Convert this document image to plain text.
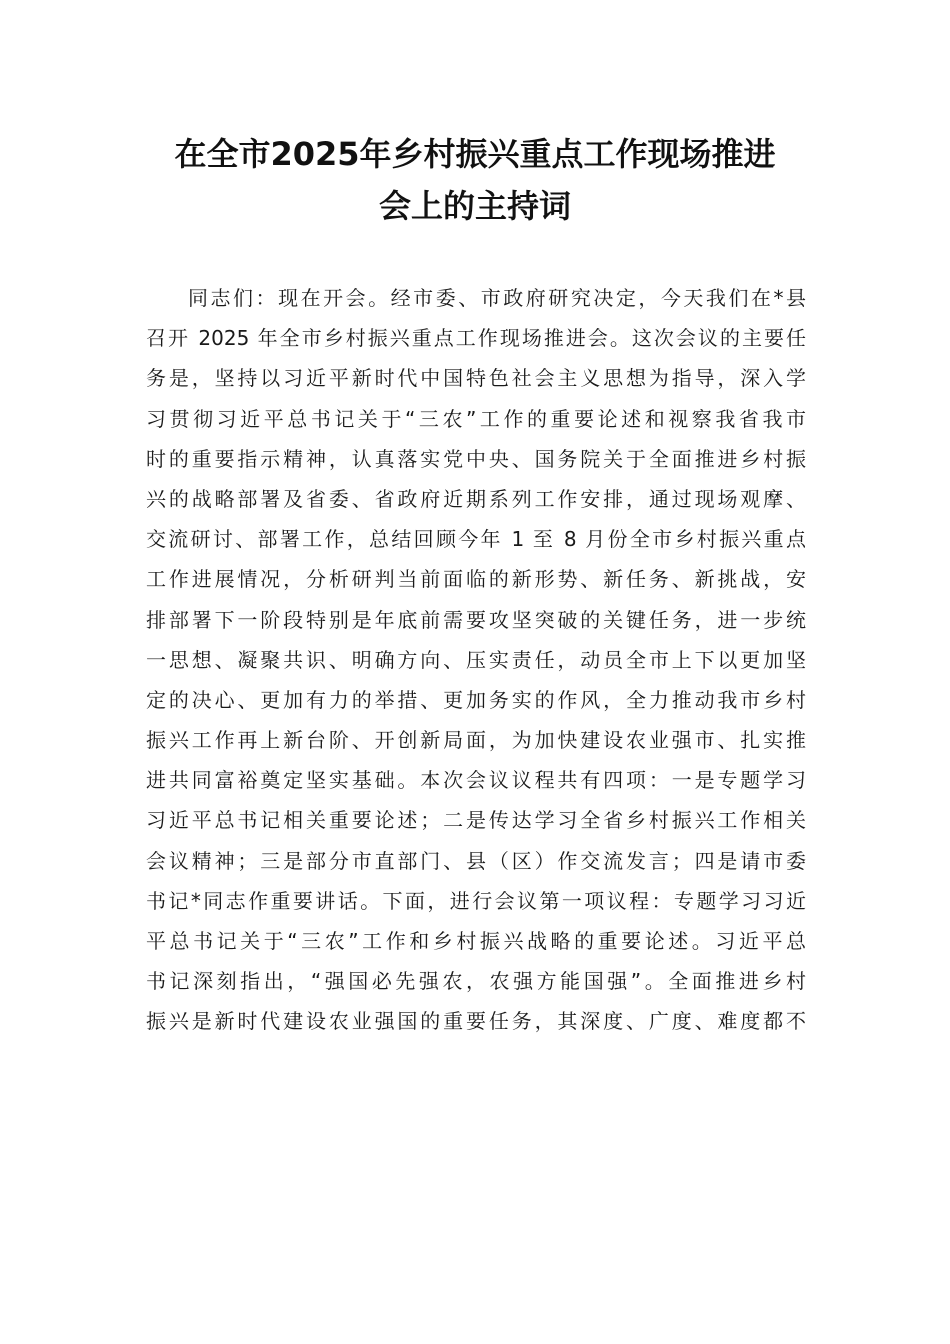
在全市2025年乡村振兴重点工作现场推进
会上的主持词
同志们：现在开会。经市委、市政府研究决定，今天我们在*县
召开 2025 年全市乡村振兴重点工作现场推进会。这次会议的主要任
务是，坚持以习近平新时代中国特色社会主义思想为指导，深入学
习贯彻习近平总书记关于“三农”工作的重要论述和视察我省我市
时的重要指示精神，认真落实党中央、国务院关于全面推进乡村振
兴的战略部署及省委、省政府近期系列工作安排，通过现场观摩、
交流研讨、部署工作，总结回顾今年 1 至 8 月份全市乡村振兴重点
工作进展情况，分析研判当前面临的新形势、新任务、新挑战，安
排部署下一阶段特别是年底前需要攻坚突破的关键任务，进一步统
一思想、凝聚共识、明确方向、压实责任，动员全市上下以更加坚
定的决心、更加有力的举措、更加务实的作风，全力推动我市乡村
振兴工作再上新台阶、开创新局面，为加快建设农业强市、扎实推
进共同富裕奠定坚实基础。本次会议议程共有四项：一是专题学习
习近平总书记相关重要论述；二是传达学习全省乡村振兴工作相关
会议精神；三是部分市直部门、县（区）作交流发言；四是请市委
书记*同志作重要讲话。下面，进行会议第一项议程：专题学习习近
平总书记关于“三农”工作和乡村振兴战略的重要论述。习近平总
书记深刻指出，“强国必先强农，农强方能国强”。全面推进乡村
振兴是新时代建设农业强国的重要任务，其深度、广度、难度都不
